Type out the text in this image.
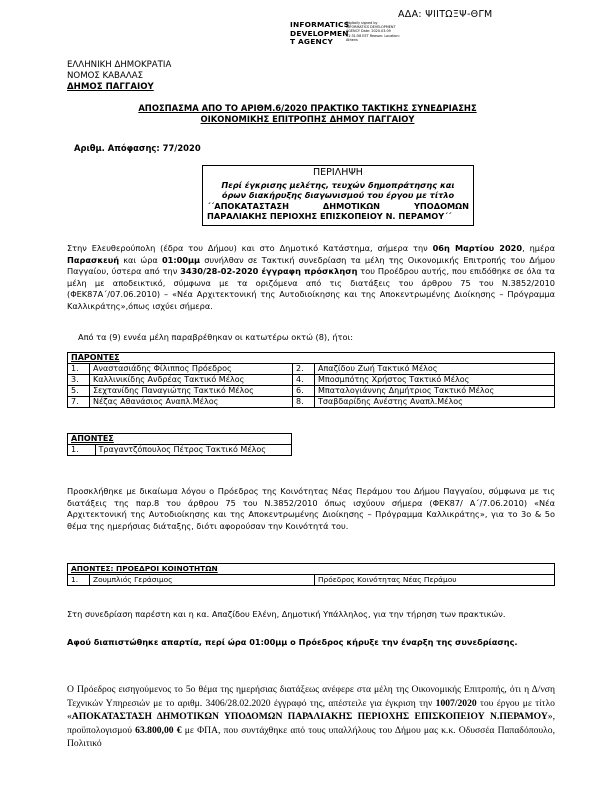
ΑΔΑ: ΨΙΙΤΩΞΨ-ΘΓΜ
INFORMATICS
DEVELOPMEN
T AGENCY
Digitally signed by INFORMATICS DEVELOPMENT AGENCY Date: 2020.03.09 11:31:58 EET Reason: Location: Athens
ΕΛΛΗΝΙΚΗ ΔΗΜΟΚΡΑΤΙΑ
ΝΟΜΟΣ ΚΑΒΑΛΑΣ
ΔΗΜΟΣ ΠΑΓΓΑΙΟΥ
ΑΠΟΣΠΑΣΜΑ ΑΠΟ ΤΟ ΑΡΙΘΜ.6/2020 ΠΡΑΚΤΙΚΟ ΤΑΚΤΙΚΗΣ ΣΥΝΕΔΡΙΑΣΗΣ
ΟΙΚΟΝΟΜΙΚΗΣ ΕΠΙΤΡΟΠΗΣ ΔΗΜΟΥ ΠΑΓΓΑΙΟΥ
Αριθμ. Απόφασης: 77/2020
ΠΕΡΙΛΗΨΗ
Περί έγκρισης μελέτης, τευχών δημοπράτησης και
όρων διακήρυξης διαγωνισμού του έργου με τίτλο
΄΄ΑΠΟΚΑΤΑΣΤΑΣΗ ΔΗΜΟΤΙΚΩΝ ΥΠΟΔΟΜΩΝ ΠΑΡΑΛΙΑΚΗΣ ΠΕΡΙΟΧΗΣ ΕΠΙΣΚΟΠΕΙΟΥ Ν. ΠΕΡΑΜΟΥ΄΄
Στην Ελευθερούπολη (έδρα του Δήμου) και στο Δημοτικό Κατάστημα, σήμερα την 06η Μαρτίου 2020, ημέρα Παρασκευή και ώρα 01:00μμ συνήλθαν σε Τακτική συνεδρίαση τα μέλη της Οικονομικής Επιτροπής του Δήμου Παγγαίου, ύστερα από την 3430/28-02-2020 έγγραφη πρόσκληση του Προέδρου αυτής, που επιδόθηκε σε όλα τα μέλη με αποδεικτικό, σύμφωνα με τα οριζόμενα από τις διατάξεις του άρθρου 75 του Ν.3852/2010 (ΦΕΚ87Α΄/07.06.2010) – «Νέα Αρχιτεκτονική της Αυτοδιοίκησης και της Αποκεντρωμένης Διοίκησης – Πρόγραμμα Καλλικράτης»,όπως ισχύει σήμερα.
Από τα (9) εννέα μέλη παραβρέθηκαν οι κατωτέρω οκτώ (8), ήτοι:
ΠΑΡΟΝΤΕΣ			
1.	Αναστασιάδης Φίλιππος Πρόεδρος	2.	Απαζίδου Ζωή Τακτικό Μέλος
3.	Καλλινικίδης Ανδρέας Τακτικό Μέλος	4.	Μποσμπότης Χρήστος Τακτικό Μέλος
5.	Σεχτανίδης Παναγιώτης Τακτικό Μέλος	6.	Μπαταλογιάννης Δημήτριος Τακτικό Μέλος
7.	Νέζας Αθανάσιος Αναπλ.Μέλος	8.	Τσαβδαρίδης Ανέστης Αναπλ.Μέλος
ΑΠΟΝΤΕΣ
1.	Τραγαντζόπουλος Πέτρος Τακτικό Μέλος
Προσκλήθηκε με δικαίωμα λόγου ο Πρόεδρος της Κοινότητας Νέας Περάμου του Δήμου Παγγαίου, σύμφωνα με τις διατάξεις της παρ.8 του άρθρου 75 του Ν.3852/2010 όπως ισχύουν σήμερα (ΦΕΚ87/ Α΄/7.06.2010) «Νέα Αρχιτεκτονική της Αυτοδιοίκησης και της Αποκεντρωμένης Διοίκησης – Πρόγραμμα Καλλικράτης», για το 3ο & 5ο θέμα της ημερήσιας διάταξης, διότι αφορούσαν την Κοινότητά του.
ΑΠΟΝΤΕΣ: ΠΡΟΕΔΡΟΙ ΚΟΙΝΟΤΗΤΩΝ
1.	Ζουμπλιός Γεράσιμος	Πρόεδρος Κοινότητας Νέας Περάμου
Στη συνεδρίαση παρέστη και η κα. Απαζίδου Ελένη, Δημοτική Υπάλληλος, για την τήρηση των πρακτικών.
Αφού διαπιστώθηκε απαρτία, περί ώρα 01:00μμ ο Πρόεδρος κήρυξε την έναρξη της συνεδρίασης.
Ο Πρόεδρος εισηγούμενος το 5ο θέμα της ημερήσιας διατάξεως ανέφερε στα μέλη της Οικονομικής Επιτροπής, ότι η Δ/νση Τεχνικών Υπηρεσιών με το αριθμ. 3406/28.02.2020 έγγραφό της, απέστειλε για έγκριση την 1007/2020 του έργου με τίτλο «ΑΠΟΚΑΤΑΣΤΑΣΗ ΔΗΜΟΤΙΚΩΝ ΥΠΟΔΟΜΩΝ ΠΑΡΑΛΙΑΚΗΣ ΠΕΡΙΟΧΗΣ ΕΠΙΣΚΟΠΕΙΟΥ Ν.ΠΕΡΑΜΟΥ», προϋπολογισμού 63.800,00 € με ΦΠΑ, που συντάχθηκε από τους υπαλλήλους του Δήμου μας κ.κ. Οδυσσέα Παπαδόπουλο, Πολιτικό
